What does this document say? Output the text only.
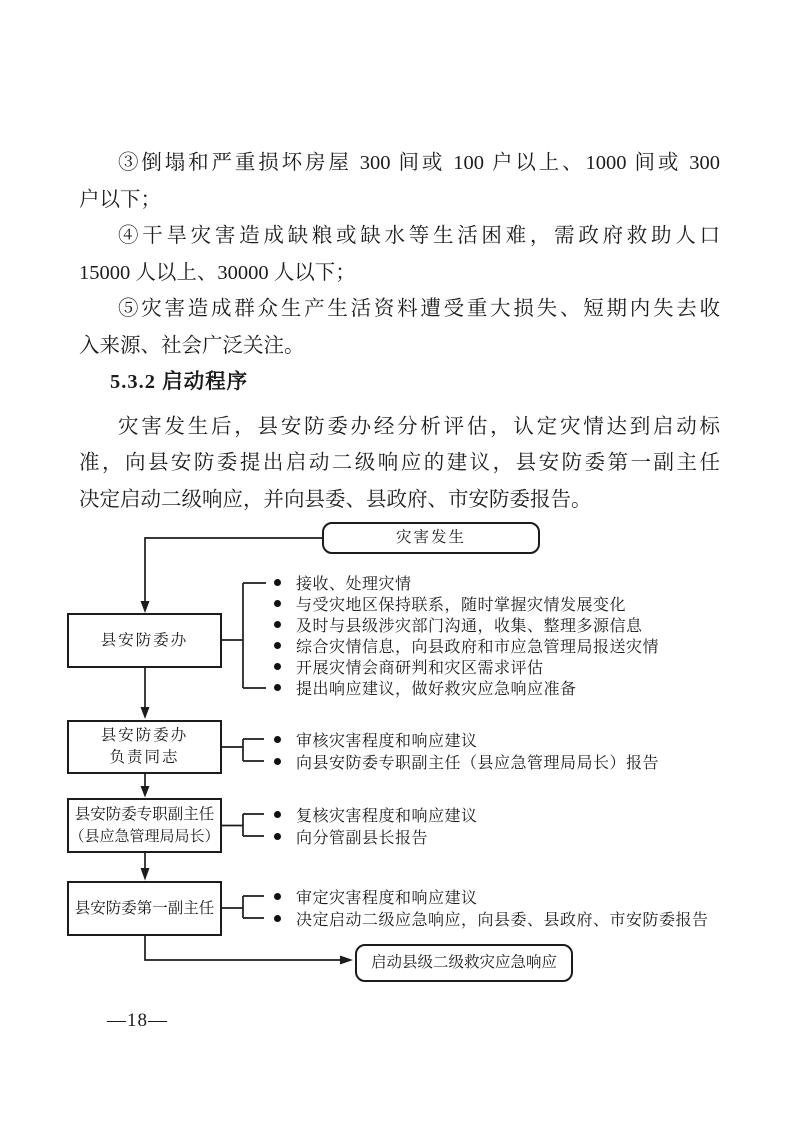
③倒塌和严重损坏房屋 300 间或 100 户以上、1000 间或 300
户以下；
④干旱灾害造成缺粮或缺水等生活困难，需政府救助人口
15000 人以上、30000 人以下；
⑤灾害造成群众生产生活资料遭受重大损失、短期内失去收
入来源、社会广泛关注。
5.3.2 启动程序
灾害发生后，县安防委办经分析评估，认定灾情达到启动标
准，向县安防委提出启动二级响应的建议，县安防委第一副主任
决定启动二级响应，并向县委、县政府、市安防委报告。
灾害发生
县安防委办
县安防委办
负责同志
县安防委专职副主任
（县应急管理局局长）
县安防委第一副主任
启动县级二级救灾应急响应
接收、处理灾情
与受灾地区保持联系，随时掌握灾情发展变化
及时与县级涉灾部门沟通，收集、整理多源信息
综合灾情信息，向县政府和市应急管理局报送灾情
开展灾情会商研判和灾区需求评估
提出响应建议，做好救灾应急响应准备
审核灾害程度和响应建议
向县安防委专职副主任（县应急管理局局长）报告
复核灾害程度和响应建议
向分管副县长报告
审定灾害程度和响应建议
决定启动二级应急响应，向县委、县政府、市安防委报告
—18—
